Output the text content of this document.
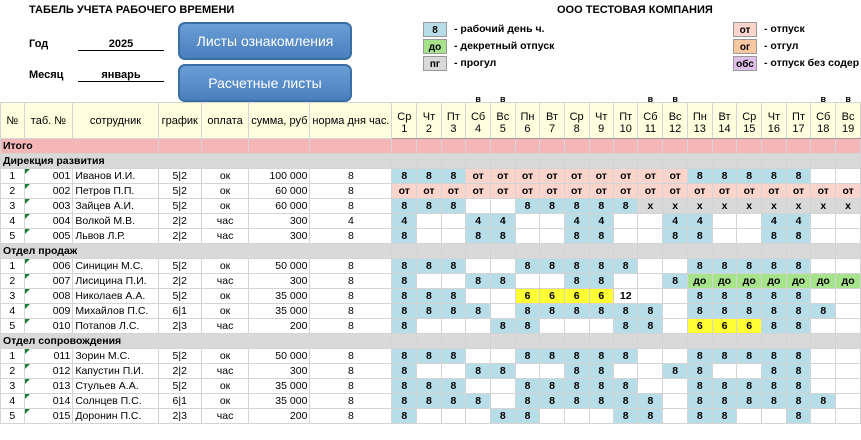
ТАБЕЛЬ УЧЕТА РАБОЧЕГО ВРЕМЕНИ	ООО ТЕСТОВАЯ КОМПАНИЯ
Год	2025
Месяц	январь
Листы ознакомления
Расчетные листы
8	- рабочий день ч.
до	- декретный отпуск
пг	- прогул
от	- отпуск
ог	- отгул
обс - отпуск без содер
										в	в						в	в						в	в
№	таб. №	сотрудник	график	оплата	сумма, руб	норма дня час.	Ср	Чт	Пт	Сб	Вс	Пн	Вт	Ср	Чт	Пт	Сб	Вс	Пн	Вт	Ср	Чт	Пт	Сб	Вс
							1	2	3	4	5	6	7	8	9	10	11	12	13	14	15	16	17	18	19
Итого																									
Дирекция развития																									
1	001	Иванов И.И.	5|2	ок	100 000	8	8	8	8	от	от	от	от	от	от	от	от	от	8	8	8	8	8		
2	002	Петров П.П.	5|2	ок	60 000	8	от	от	от	от	от	от	от	от	от	от	от	от	от	от	от	от	от	от	от
3	003	Зайцев А.И.	5|2	ок	60 000	8	8	8	8			8	8	8	8	8	х	х	х	х	х	х	х	х	х
4	004	Волкой М.В.	2|2	час	300	4	4			4	4			4	4			4	4			4	4		
5	005	Львов Л.Р.	2|2	час	300	8	8			8	8			8	8			8	8			8	8		
Отдел продаж																									
1	006	Синицин М.С.	5|2	ок	50 000	8	8	8	8			8	8	8	8	8			8	8	8	8	8		
2	007	Лисицина П.И.	2|2	час	300	8	8			8	8			8	8			8	до	до	до	до	до	до	до
3	008	Николаев А.А.	5|2	ок	35 000	8	8	8	8			6	6	6	6	12			8	8	8	8	8		
4	009	Михайлов П.С.	6|1	ок	35 000	8	8	8	8	8		8	8	8	8	8	8		8	8	8	8	8	8	
5	010	Потапов Л.С.	2|3	час	200	8	8				8	8				8	8		6	6	6	8	8		
Отдел сопровождения																									
1	011	Зорин М.С.	5|2	ок	50 000	8	8	8	8			8	8	8	8	8			8	8	8	8	8		
2	012	Капустин П.И.	2|2	час	300	8	8			8	8			8	8			8	8			8	8		
3	013	Стульев А.А.	5|2	ок	35 000	8	8	8	8			8	8	8	8	8			8	8	8	8	8		
4	014	Солнцев П.С.	6|1	ок	35 000	8	8	8	8	8		8	8	8	8	8	8		8	8	8	8	8	8	
5	015	Доронин П.С.	2|3	час	200	8	8				8	8				8	8		8	8			8		
